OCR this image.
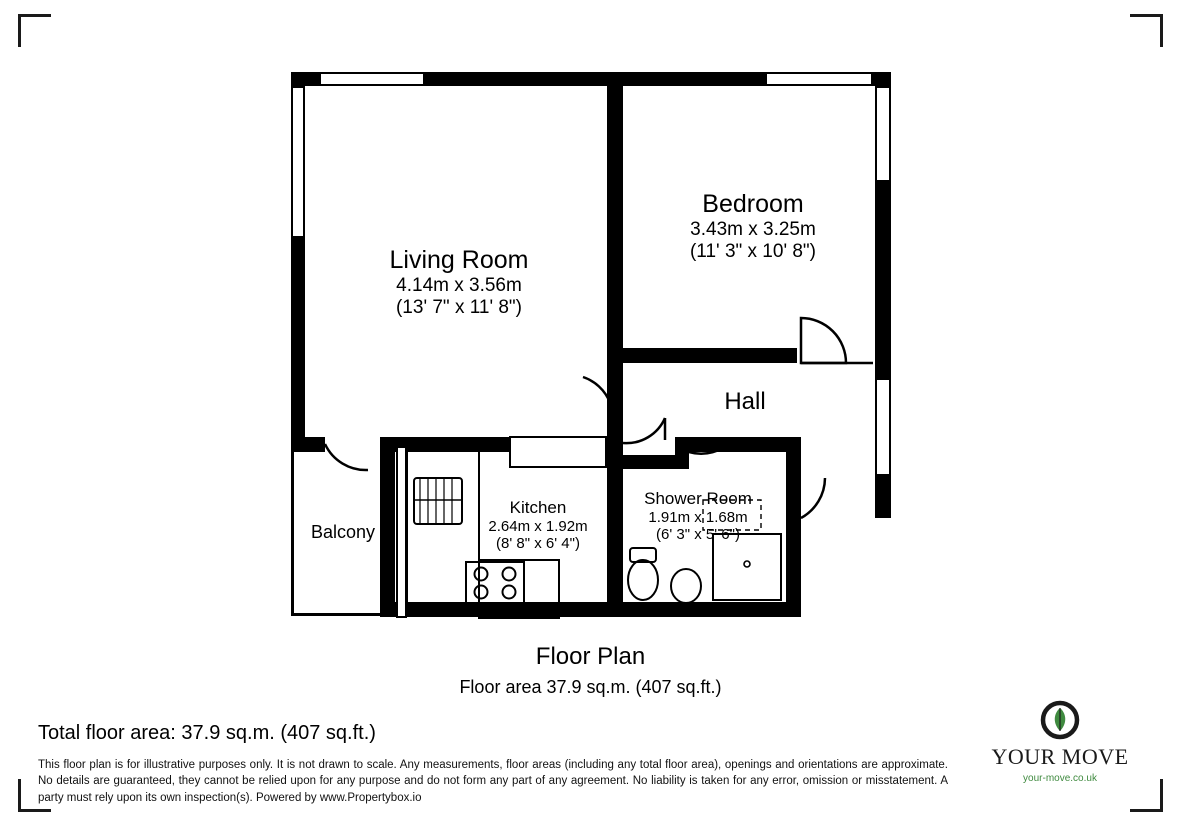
Living Room
4.14m x 3.56m
(13' 7" x 11' 8")
Bedroom
3.43m x 3.25m
(11' 3" x 10' 8")
Kitchen
2.64m x 1.92m
(8' 8" x 6' 4")
Shower Room
1.91m x 1.68m
(6' 3" x 5' 6")
Hall
Balcony
Floor Plan
Floor area 37.9 sq.m. (407 sq.ft.)
Total floor area: 37.9 sq.m. (407 sq.ft.)
This floor plan is for illustrative purposes only. It is not drawn to scale. Any measurements, floor areas (including any total floor area), openings and orientations are approximate. No details are guaranteed, they cannot be relied upon for any purpose and do not form any part of any agreement. No liability is taken for any error, omission or misstatement. A party must rely upon its own inspection(s). Powered by www.Propertybox.io
YOUR MOVE
your-move.co.uk
